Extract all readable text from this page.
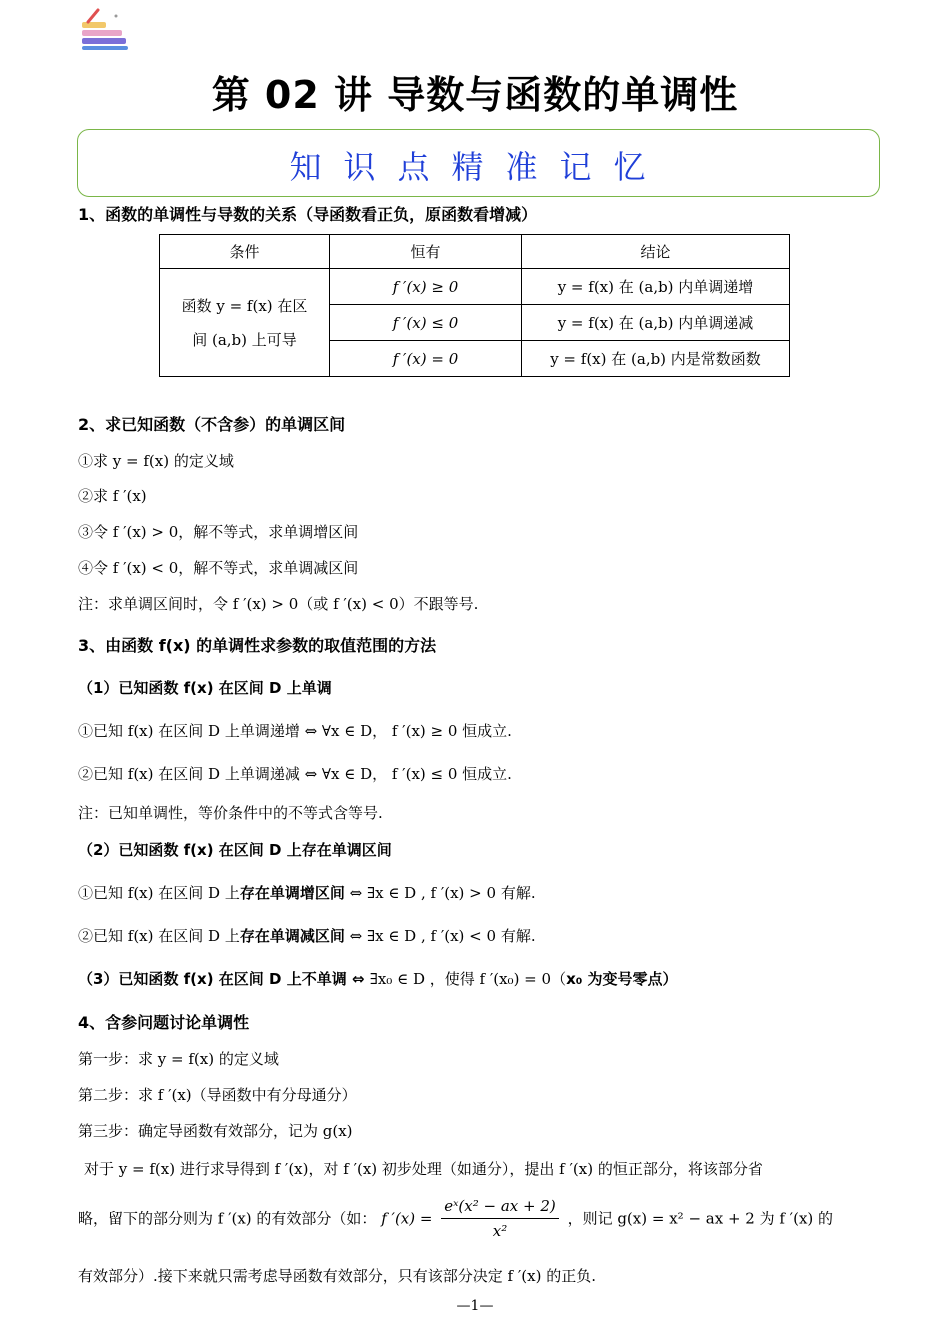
第 02 讲 导数与函数的单调性
知识点精准记忆
1、函数的单调性与导数的关系（导函数看正负，原函数看增减）
条件	恒有	结论
函数 y = f(x) 在区
间 (a,b) 上可导	f ′(x) ≥ 0	y = f(x) 在 (a,b) 内单调递增
	f ′(x) ≤ 0	y = f(x) 在 (a,b) 内单调递减
	f ′(x) = 0	y = f(x) 在 (a,b) 内是常数函数
2、求已知函数（不含参）的单调区间
①求 y = f(x) 的定义域
②求 f ′(x)
③令 f ′(x) > 0，解不等式，求单调增区间
④令 f ′(x) < 0，解不等式，求单调减区间
注：求单调区间时，令 f ′(x) > 0（或 f ′(x) < 0）不跟等号.
3、由函数 f(x) 的单调性求参数的取值范围的方法
（1）已知函数 f(x) 在区间 D 上单调
①已知 f(x) 在区间 D 上单调递增 ⇔ ∀x ∈ D， f ′(x) ≥ 0 恒成立.
②已知 f(x) 在区间 D 上单调递减 ⇔ ∀x ∈ D， f ′(x) ≤ 0 恒成立.
注：已知单调性，等价条件中的不等式含等号.
（2）已知函数 f(x) 在区间 D 上存在单调区间
①已知 f(x) 在区间 D 上存在单调增区间 ⇔ ∃x ∈ D , f ′(x) > 0 有解.
②已知 f(x) 在区间 D 上存在单调减区间 ⇔ ∃x ∈ D , f ′(x) < 0 有解.
（3）已知函数 f(x) 在区间 D 上不单调 ⇔ ∃x₀ ∈ D ，使得 f ′(x₀) = 0（x₀ 为变号零点）
4、含参问题讨论单调性
第一步：求 y = f(x) 的定义域
第二步：求 f ′(x)（导函数中有分母通分）
第三步：确定导函数有效部分，记为 g(x)
对于 y = f(x) 进行求导得到 f ′(x)，对 f ′(x) 初步处理（如通分），提出 f ′(x) 的恒正部分，将该部分省
略，留下的部分则为 f ′(x) 的有效部分（如： f $'(x) = \frac{\text{eˣ(x² − ax + 2)}}{\text{x²}}$ ，则记 g(x) = x² − ax + 2 为 f ′(x) 的
有效部分）.接下来就只需考虑导函数有效部分，只有该部分决定 f ′(x) 的正负.
—1—
